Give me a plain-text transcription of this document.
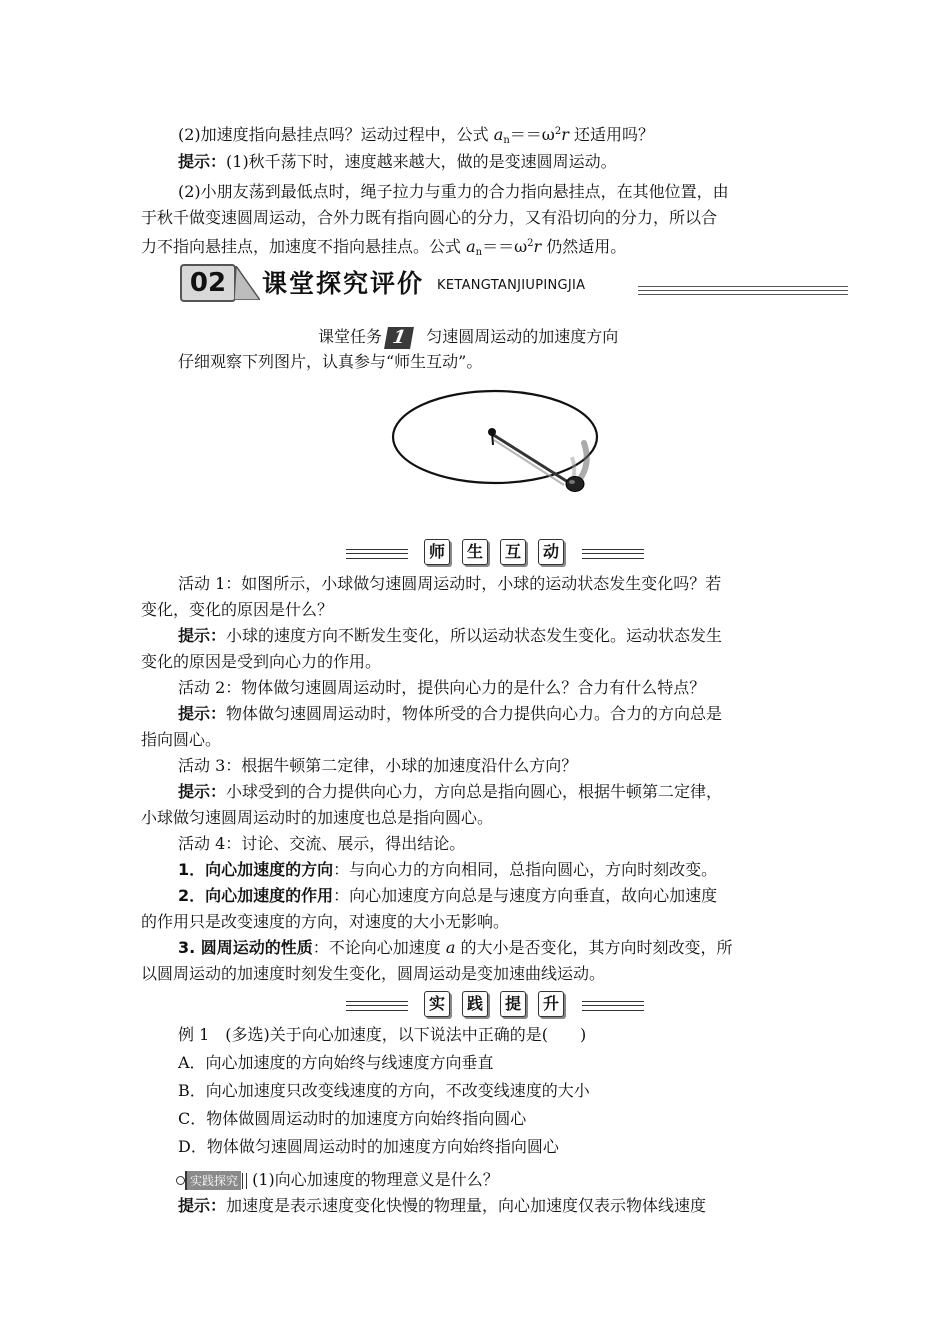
(2)加速度指向悬挂点吗？运动过程中，公式 $a_n==\omega^2r$ 还适用吗？
提示：(1)秋千荡下时，速度越来越大，做的是变速圆周运动。
(2)小朋友荡到最低点时，绳子拉力与重力的合力指向悬挂点，在其他位置，由
于秋千做变速圆周运动，合外力既有指向圆心的分力，又有沿切向的分力，所以合
力不指向悬挂点，加速度不指向悬挂点。公式 $a_n==\omega^2r$ 仍然适用。
02	课堂探究评价 KETANGTANJIUPINGJIA
课堂任务 1 匀速圆周运动的加速度方向
仔细观察下列图片，认真参与“师生互动”。
师	生	互	动
活动 1：如图所示，小球做匀速圆周运动时，小球的运动状态发生变化吗？若
变化，变化的原因是什么？
提示：小球的速度方向不断发生变化，所以运动状态发生变化。运动状态发生
变化的原因是受到向心力的作用。
活动 2：物体做匀速圆周运动时，提供向心力的是什么？合力有什么特点？
提示：物体做匀速圆周运动时，物体所受的合力提供向心力。合力的方向总是
指向圆心。
活动 3：根据牛顿第二定律，小球的加速度沿什么方向？
提示：小球受到的合力提供向心力，方向总是指向圆心，根据牛顿第二定律，
小球做匀速圆周运动时的加速度也总是指向圆心。
活动 4：讨论、交流、展示，得出结论。
1．向心加速度的方向：与向心力的方向相同，总指向圆心，方向时刻改变。
2．向心加速度的作用：向心加速度方向总是与速度方向垂直，故向心加速度
的作用只是改变速度的方向，对速度的大小无影响。
3. 圆周运动的性质：不论向心加速度 a 的大小是否变化，其方向时刻改变，所
以圆周运动的加速度时刻发生变化，圆周运动是变加速曲线运动。
实	践	提	升
例 1　(多选)关于向心加速度，以下说法中正确的是(　　)
A．向心加速度的方向始终与线速度方向垂直
B．向心加速度只改变线速度的方向，不改变线速度的大小
C．物体做圆周运动时的加速度方向始终指向圆心
D．物体做匀速圆周运动时的加速度方向始终指向圆心
实践探究 (1)向心加速度的物理意义是什么？
提示：加速度是表示速度变化快慢的物理量，向心加速度仅表示物体线速度
